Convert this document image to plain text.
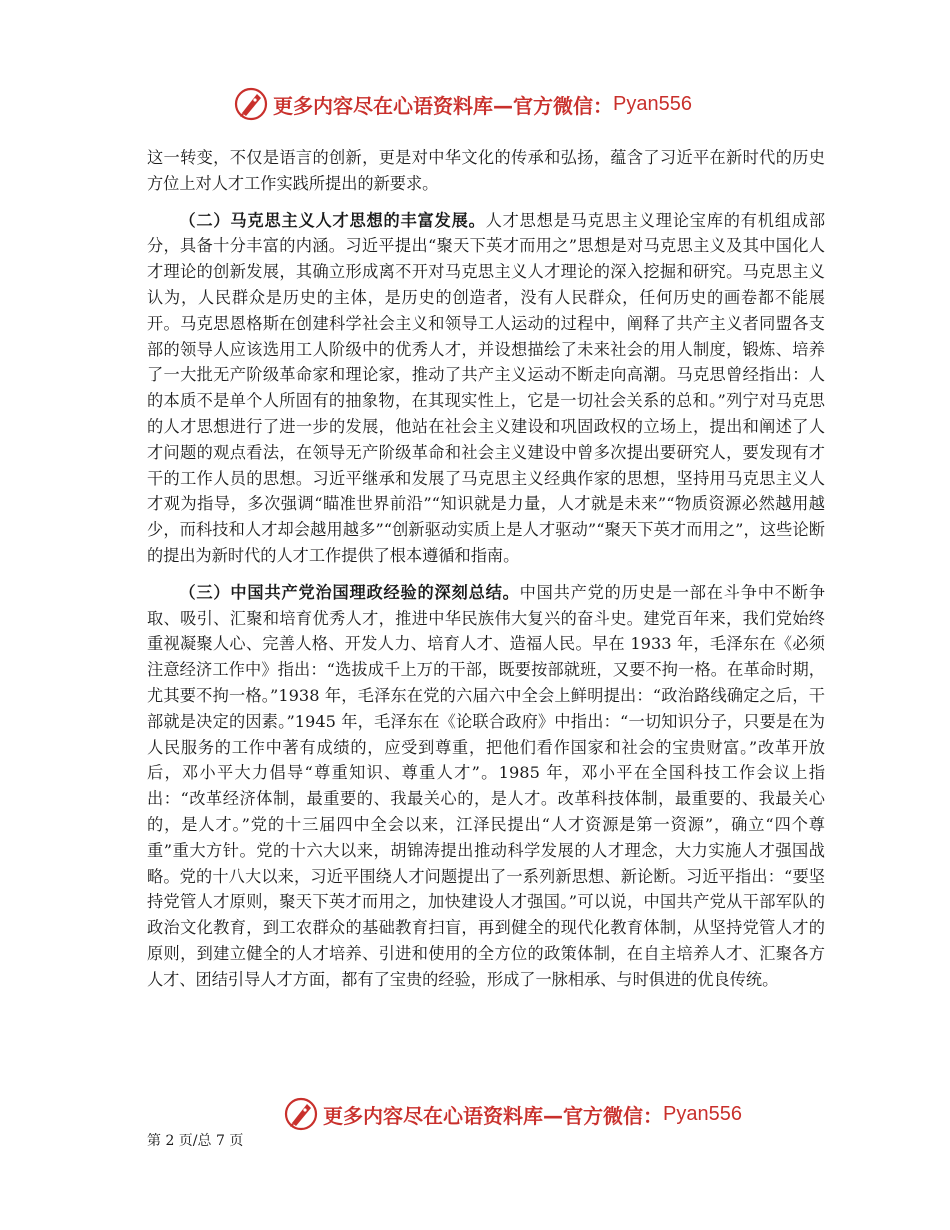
更多内容尽在心语资料库—官方微信： Pyan556

这一转变，不仅是语言的创新，更是对中华文化的传承和弘扬，蕴含了习近平在新时代的历史方位上对人才工作实践所提出的新要求。

（二）马克思主义人才思想的丰富发展。人才思想是马克思主义理论宝库的有机组成部分，具备十分丰富的内涵。习近平提出“聚天下英才而用之”思想是对马克思主义及其中国化人才理论的创新发展，其确立形成离不开对马克思主义人才理论的深入挖掘和研究。马克思主义认为，人民群众是历史的主体，是历史的创造者，没有人民群众，任何历史的画卷都不能展开。马克思恩格斯在创建科学社会主义和领导工人运动的过程中，阐释了共产主义者同盟各支部的领导人应该选用工人阶级中的优秀人才，并设想描绘了未来社会的用人制度，锻炼、培养了一大批无产阶级革命家和理论家，推动了共产主义运动不断走向高潮。马克思曾经指出：人的本质不是单个人所固有的抽象物，在其现实性上，它是一切社会关系的总和。”列宁对马克思的人才思想进行了进一步的发展，他站在社会主义建设和巩固政权的立场上，提出和阐述了人才问题的观点看法，在领导无产阶级革命和社会主义建设中曾多次提出要研究人，要发现有才干的工作人员的思想。习近平继承和发展了马克思主义经典作家的思想，坚持用马克思主义人才观为指导，多次强调“瞄准世界前沿”“知识就是力量，人才就是未来”“物质资源必然越用越少，而科技和人才却会越用越多”“创新驱动实质上是人才驱动”“聚天下英才而用之”，这些论断的提出为新时代的人才工作提供了根本遵循和指南。

（三）中国共产党治国理政经验的深刻总结。中国共产党的历史是一部在斗争中不断争取、吸引、汇聚和培育优秀人才，推进中华民族伟大复兴的奋斗史。建党百年来，我们党始终重视凝聚人心、完善人格、开发人力、培育人才、造福人民。早在 1933 年，毛泽东在《必须注意经济工作中》指出：“选拔成千上万的干部，既要按部就班，又要不拘一格。在革命时期，尤其要不拘一格。”1938 年，毛泽东在党的六届六中全会上鲜明提出：“政治路线确定之后，干部就是决定的因素。”1945 年，毛泽东在《论联合政府》中指出：“一切知识分子，只要是在为人民服务的工作中著有成绩的，应受到尊重，把他们看作国家和社会的宝贵财富。”改革开放后，邓小平大力倡导“尊重知识、尊重人才”。1985 年，邓小平在全国科技工作会议上指出：“改革经济体制，最重要的、我最关心的，是人才。改革科技体制，最重要的、我最关心的，是人才。”党的十三届四中全会以来，江泽民提出“人才资源是第一资源”，确立“四个尊重”重大方针。党的十六大以来，胡锦涛提出推动科学发展的人才理念，大力实施人才强国战略。党的十八大以来，习近平围绕人才问题提出了一系列新思想、新论断。习近平指出：“要坚持党管人才原则，聚天下英才而用之，加快建设人才强国。”可以说，中国共产党从干部军队的政治文化教育，到工农群众的基础教育扫盲，再到健全的现代化教育体制，从坚持党管人才的原则，到建立健全的人才培养、引进和使用的全方位的政策体制，在自主培养人才、汇聚各方人才、团结引导人才方面，都有了宝贵的经验，形成了一脉相承、与时俱进的优良传统。

更多内容尽在心语资料库—官方微信： Pyan556
第 2 页/总 7 页
